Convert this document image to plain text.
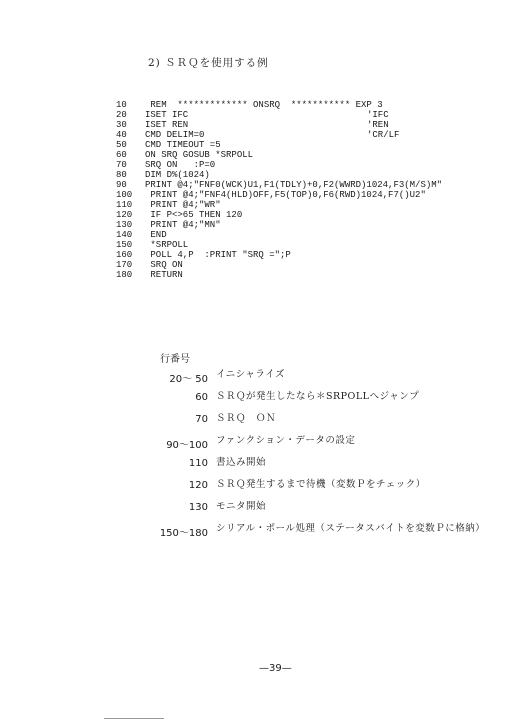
2) ＳＲＱを使用する例
10 REM  ************* ONSRQ  *********** EXP 3
20 ISET IFC	'IFC
30 ISET REN	'REN
40 CMD DELIM=0	'CR/LF
50 CMD TIMEOUT =5
60 ON SRQ GOSUB *SRPOLL
70 SRQ ON   :P=0
80 DIM D%(1024)
90 PRINT @4;"FNF0(WCK)U1,F1(TDLY)+0,F2(WWRD)1024,F3(M/S)M"
100 PRINT @4;"FNF4(HLD)OFF,F5(TOP)0,F6(RWD)1024,F7()U2"
110 PRINT @4;"WR"
120 IF P<>65 THEN 120
130 PRINT @4;"MN"
140 END
150 *SRPOLL
160 POLL 4,P  :PRINT "SRQ =";P
170 SRQ ON
180 RETURN
行番号
20～ 50 イニシャライズ
60 ＳＲＱが発生したなら＊SRPOLLへジャンプ
70 ＳＲＱ　ＯＮ
90～100 ファンクション・データの設定
110 書込み開始
120 ＳＲＱ発生するまで待機（変数Ｐをチェック）
130 モニタ開始
150～180 シリアル・ポール処理（ステータスバイトを変数Ｐに格納）
—39—
